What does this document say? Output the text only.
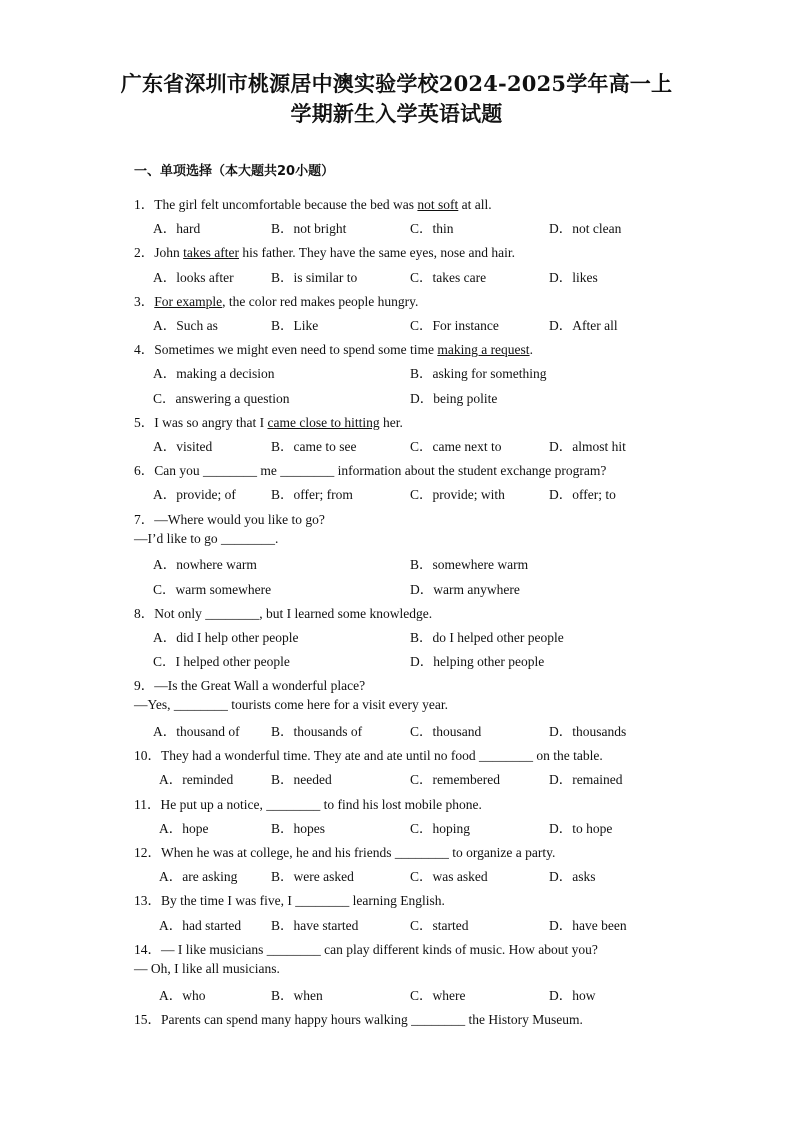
广东省深圳市桃源居中澳实验学校2024-2025学年高一上
学期新生入学英语试题
一、单项选择（本大题共20小题）
1．The girl felt uncomfortable because the bed was not soft at all.
A．hard	B．not bright	C．thin	D．not clean
2．John takes after his father. They have the same eyes, nose and hair.
A．looks after	B．is similar to	C．takes care	D．likes
3．For example, the color red makes people hungry.
A．Such as	B．Like	C．For instance	D．After all
4．Sometimes we might even need to spend some time making a request.
A．making a decision	B．asking for something
C．answering a question	D．being polite
5．I was so angry that I came close to hitting her.
A．visited	B．came to see	C．came next to	D．almost hit
6．Can you ________ me ________ information about the student exchange program?
A．provide; of	B．offer; from	C．provide; with	D．offer; to
7．—Where would you like to go?
—I’d like to go ________.
A．nowhere warm	B．somewhere warm
C．warm somewhere	D．warm anywhere
8．Not only ________, but I learned some knowledge.
A．did I help other people	B．do I helped other people
C．I helped other people	D．helping other people
9．—Is the Great Wall a wonderful place?
—Yes, ________ tourists come here for a visit every year.
A．thousand of B．thousands of	C．thousand	D．thousands
10．They had a wonderful time. They ate and ate until no food ________ on the table.
A．reminded	B．needed	C．remembered	D．remained
11．He put up a notice, ________ to find his lost mobile phone.
A．hope	B．hopes	C．hoping	D．to hope
12．When he was at college, he and his friends ________ to organize a party.
A．are asking B．were asked	C．was asked	D．asks
13．By the time I was five, I ________ learning English.
A．had started B．have started	C．started	D．have been
14．— I like musicians ________ can play different kinds of music. How about you?
— Oh, I like all musicians.
A．who	B．when	C．where	D．how
15．Parents can spend many happy hours walking ________ the History Museum.
